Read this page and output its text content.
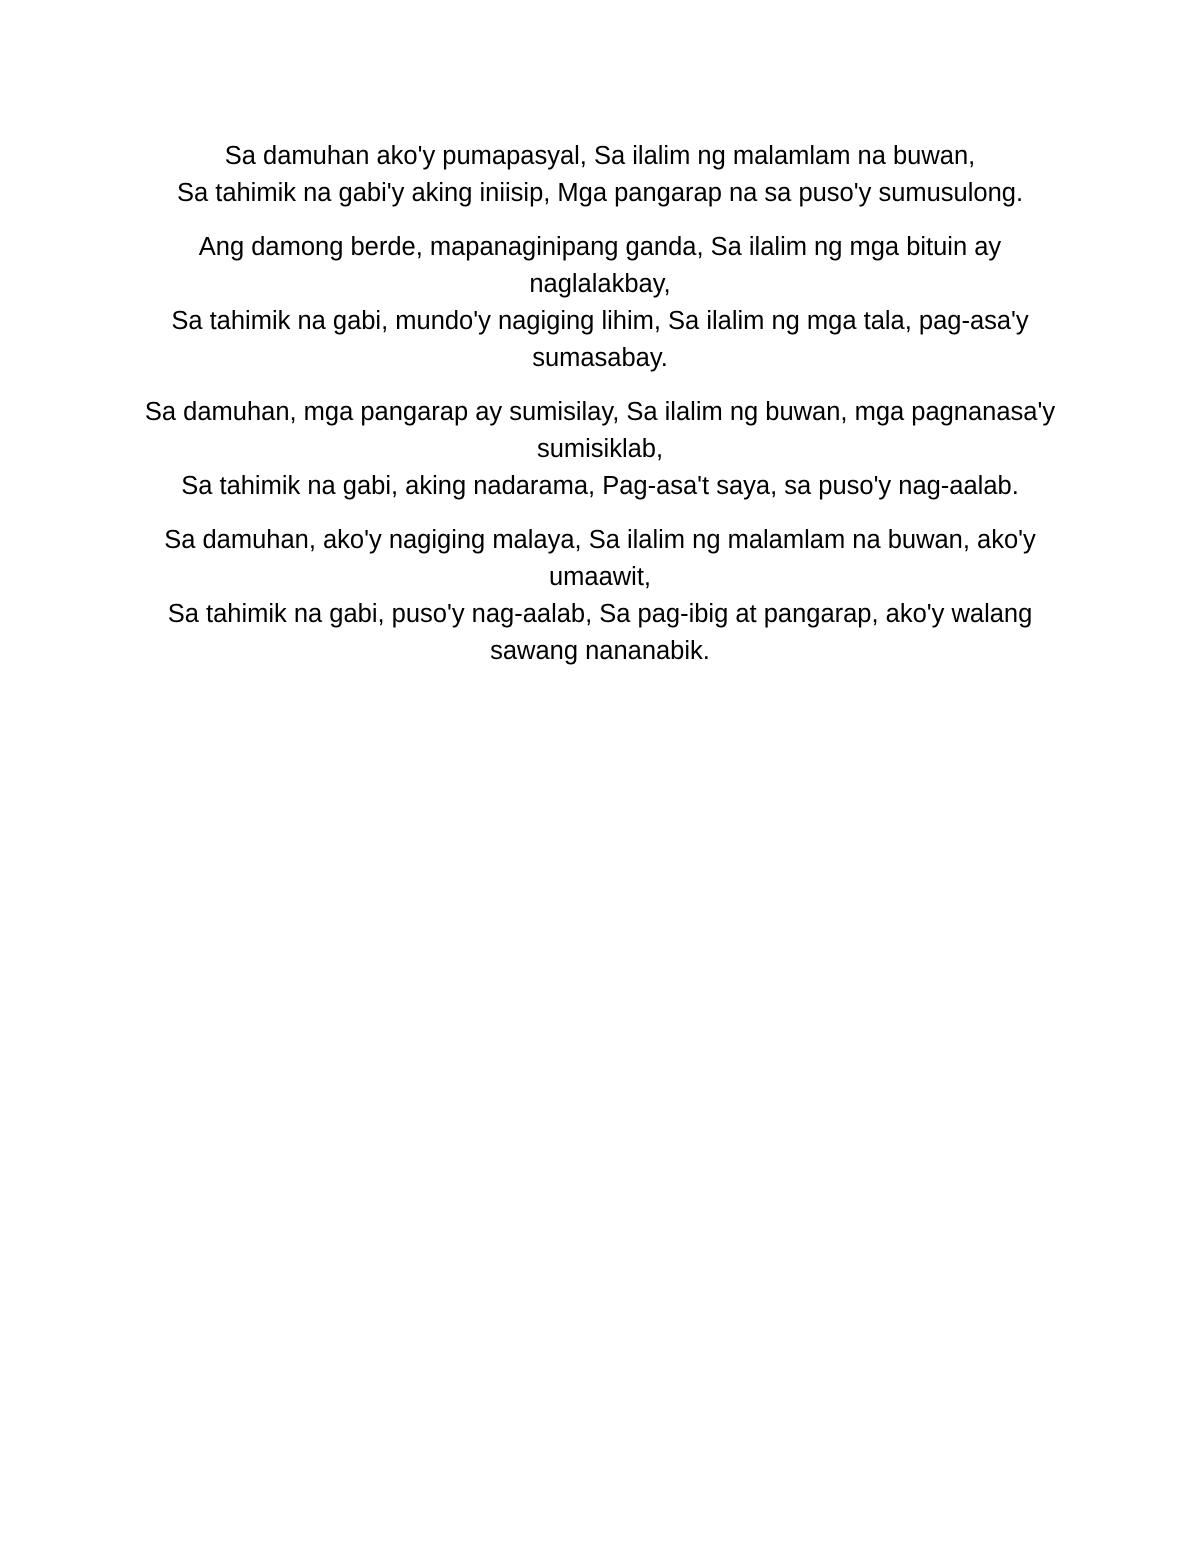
Sa damuhan ako'y pumapasyal, Sa ilalim ng malamlam na buwan,
Sa tahimik na gabi'y aking iniisip, Mga pangarap na sa puso'y sumusulong.

Ang damong berde, mapanaginipang ganda, Sa ilalim ng mga bituin ay naglalakbay,
Sa tahimik na gabi, mundo'y nagiging lihim, Sa ilalim ng mga tala, pag-asa'y sumasabay.

Sa damuhan, mga pangarap ay sumisilay, Sa ilalim ng buwan, mga pagnanasa'y sumisiklab,
Sa tahimik na gabi, aking nadarama, Pag-asa't saya, sa puso'y nag-aalab.

Sa damuhan, ako'y nagiging malaya, Sa ilalim ng malamlam na buwan, ako'y umaawit,
Sa tahimik na gabi, puso'y nag-aalab, Sa pag-ibig at pangarap, ako'y walang sawang nananabik.
